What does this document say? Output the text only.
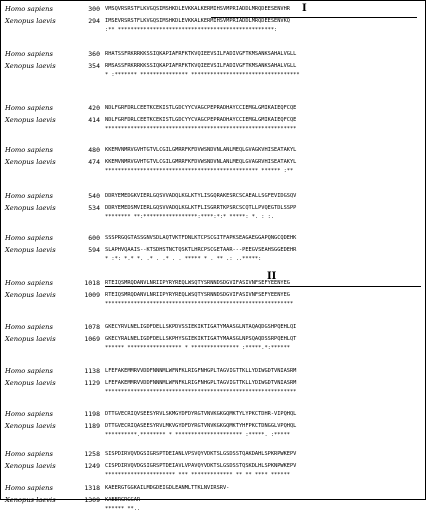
Homo sapiens	300 VMSQVRSRSTFLKVGQSIMSHKDLEVKKALKERMIHSVMPRIADDLMRQDEESENVHR
Xenopus laevis	294 IMSEVRSRSTFLKVGQSIMSHKDLEVKKALKERMIHSVMPRIADDLMRQDEESENVKQ
:** *************************************************:
Homo sapiens	360 RHATSSFRKRRKKSSIQKAPIAFRFKTKVQIEEVSILFADIVGFTKMSANKSAHALVGLL
Xenopus laevis	354 RMSASSFRKRRKKSSIQKAPIAFRFKTKVQIEEVSILFADIVGFTKMSANKSAHALVGLL
* :******* *************** **********************************
Homo sapiens	420 NDLFGRFDRLCEETKCEKISTLGDCYYCVAGCPEPRADHAYCCIEMGLGMIKAIEQFCQE
Xenopus laevis	414 NDLFGRFDRLCEETKCEKISTLGDCYYCVAGCPEPRADHAYCCIEMGLGMIKAIEQFCQE
************************************************************
Homo sapiens	480 KKEMVNMRVGVHTGTVLCGILGMRRFKFDVWSNDVNLANLMEQLGVAGKVHISEATAKYL
Xenopus laevis	474 KKEMVNMRVGVHTGTVLCGILGMRRFKFDVWSNDVNLANLMEQLGVAGRVHISEATAKYL
************************************************ ****** :**
Homo sapiens	540 DDRYEMEDGKVIERLGQSVVADQLKGLKTYLISGQRAKESRCSCAEALLSGFEVIDGSQV
Xenopus laevis	534 DDRYEMEDSMVIERLGQSVVADQLKGLKTFLISGRRTKPSRCSCQTLLPVQEGTDLSSPP
******** **:*****************:****:*:* *****: *. : :.
Homo sapiens	600 SSSPRGQGTASSGNVSDLAQTVKTFDNLKTCPSCGITFAPKSEAGAEGGAPQNGCQDEHK
Xenopus laevis	594 SLAPHVQAAIS--KTSDHSTNCTQSKTLHRCPSCGETAAR---PEEGVSEAHSGGEDEHR
* :*: *.* *. .* . .* . . ***** * . ** .: ..*****:
Homo sapiens	1018 RTEIQSMRQDANVLNRIIPYRYREQLWSQTYSRNNDSDGVIFASIVNFSEFYEENYEG
Xenopus laevis	1009 RTEIQSMRQDANVLNRIIPYRYREQLWSQTYSRNNDSDGVIFASIVNFSEFYEENYEG
***********************************************************
Homo sapiens	1078 GKECYRVLNELIGDFDELLSKPDVSSIEKIKTIGATYMAASGLNTAQAQDGSHPQEHLQI
Xenopus laevis	1069 GKECYRALNELIGDFDELLSKPHYSGIEKIKTIGATYMAASGLNPSQAQDSSRPQEHLQT
****** ***************** * *************** :*****.*:******
Homo sapiens	1138 LFEFAKEMMRVVDDFNNNMLWFNFKLRIGFNHGPLTAGVIGTTKLLYDIWGDTVNIASRM
Xenopus laevis	1129 LFEFAKEMMRVVDDFNNNMLWFNFKLRIGFNHGPLTAGVIGTTKLLYDIWGDTVNIASRM
************************************************************
Homo sapiens	1198 DTTGVECRIQVSEESYRVLSKMGYDFDYRGTVNVKGKGQMKTYLYPKCTDHR-VIPQHQL
Xenopus laevis	1189 DTTGVECRIQASEESYRVLMKVGYDFDYRGTVNVKGKGQMKTYHFPKCTDNGGLVPQHQL
**********.******** * ********************* :*****. :*****
Homo sapiens	1258 SISPDIRVQVDGSIGRSPTDEIANLVPSVQYVDKTSLGSDSSTQAKDAHLSPKRPWKEPV
Xenopus laevis	1249 CISPDIRVQVDGSIGRSPTDEIAVLVPAVQYVDKTSLGSDSSTQSKDLHLSPKNPWKEPV
********************** *** ************* ** ** **** ******
Homo sapiens	1318 KAEERGTGGKAILMDGDEIGDLEANMLTTKLNVIRSRV-
Xenopus laevis	1309 KAEERGRGGAR-----------------------------
****** **..
I
II
